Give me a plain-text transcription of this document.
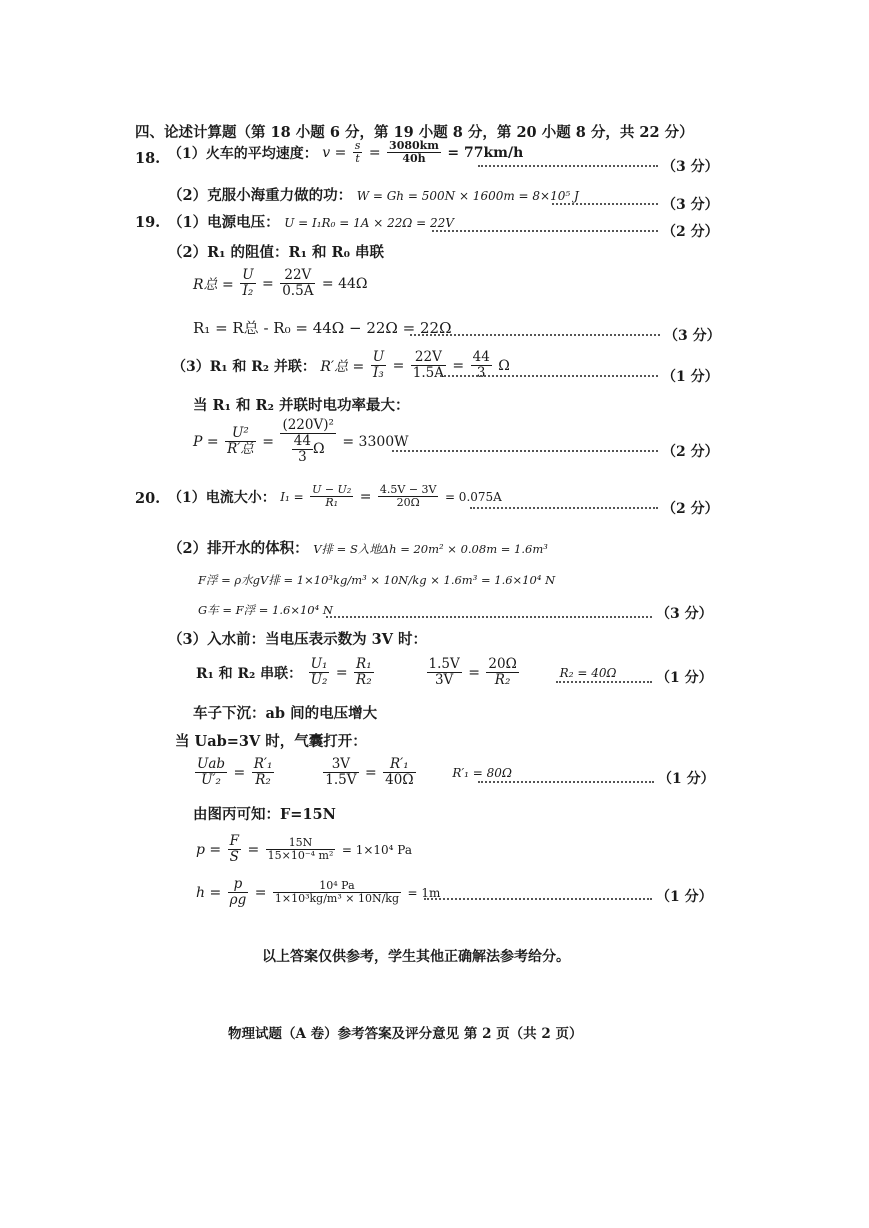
四、论述计算题（第 18 小题 6 分，第 19 小题 8 分，第 20 小题 8 分，共 22 分）
18. （1）火车的平均速度： $v = \frac{s}{t} = \frac{3080km}{40h} = 77km/h$
（3 分）
（2）克服小海重力做的功： W = Gh = 500N × 1600m = 8×10⁵ J
（3 分）
19. （1）电源电压： U = I₁R₀ = 1A × 22Ω = 22V
（2 分）
（2）R₁ 的阻值：R₁ 和 R₀ 串联
R总 = $\frac{U}{\text{I₂}} = \frac{22V}{0.5A} = 44\Omega$
R₁ = R总 - R₀ = 44Ω − 22Ω = 22Ω	（3 分）
（3）R₁ 和 R₂ 并联： R′总 = $\frac{U}{\text{I₃}} = \frac{22V}{1.5A} = \frac{44}{3}$ Ω
（1 分）
当 R₁ 和 R₂ 并联时电功率最大：
$P = \frac{\text{U²}}{\text{R′总}} = \frac{\text{(220V)²}}{\frac{44}{3} \Omega} = 3300W$
（2 分）
20. （1）电流大小： $I_1 = \frac{\text{U − U₂}}{\text{R₁}} = \frac{4.5V - 3V}{20\Omega} = 0.075A$
（2 分）
（2）排开水的体积： V排 = S入地Δh = 20m² × 0.08m = 1.6m³
F浮 = ρ水gV排 = 1×10³kg/m³ × 10N/kg × 1.6m³ = 1.6×10⁴ N
G车 = F浮 = 1.6×10⁴ N	（3 分）
（3）入水前：当电压表示数为 3V 时：
R₁ 和 R₂ 串联： $\frac{\text{U₁}}{\text{U₂}} = \frac{\text{R₁}}{\text{R₂}}$
	$\frac{1.5V}{3V} = \frac{20\Omega}{\text{R₂}}$	R₂ = 40Ω	（1 分）
车子下沉：ab 间的电压增大
当 Uab=3V 时，气囊打开：
$\frac{\text{Uab}}{\text{U′₂}} = \frac{\text{R′₁}}{\text{R₂}}$
	$\frac{3V}{1.5V} = \frac{\text{R′₁}}{40\Omega}$	R′₁ = 80Ω	（1 分）
由图丙可知：F=15N
$p = \frac{F}{S} = \frac{15N}{\text{15×10⁻⁴ m²}} = 1\times 10^4$ Pa
$h = \frac{p}{\rho g} = \frac{\text{10⁴ Pa}}{\text{1×10³kg/m³ × 10N/kg}} = 1m$	（1 分）
以上答案仅供参考，学生其他正确解法参考给分。
物理试题（A 卷）参考答案及评分意见 第 2 页（共 2 页）
